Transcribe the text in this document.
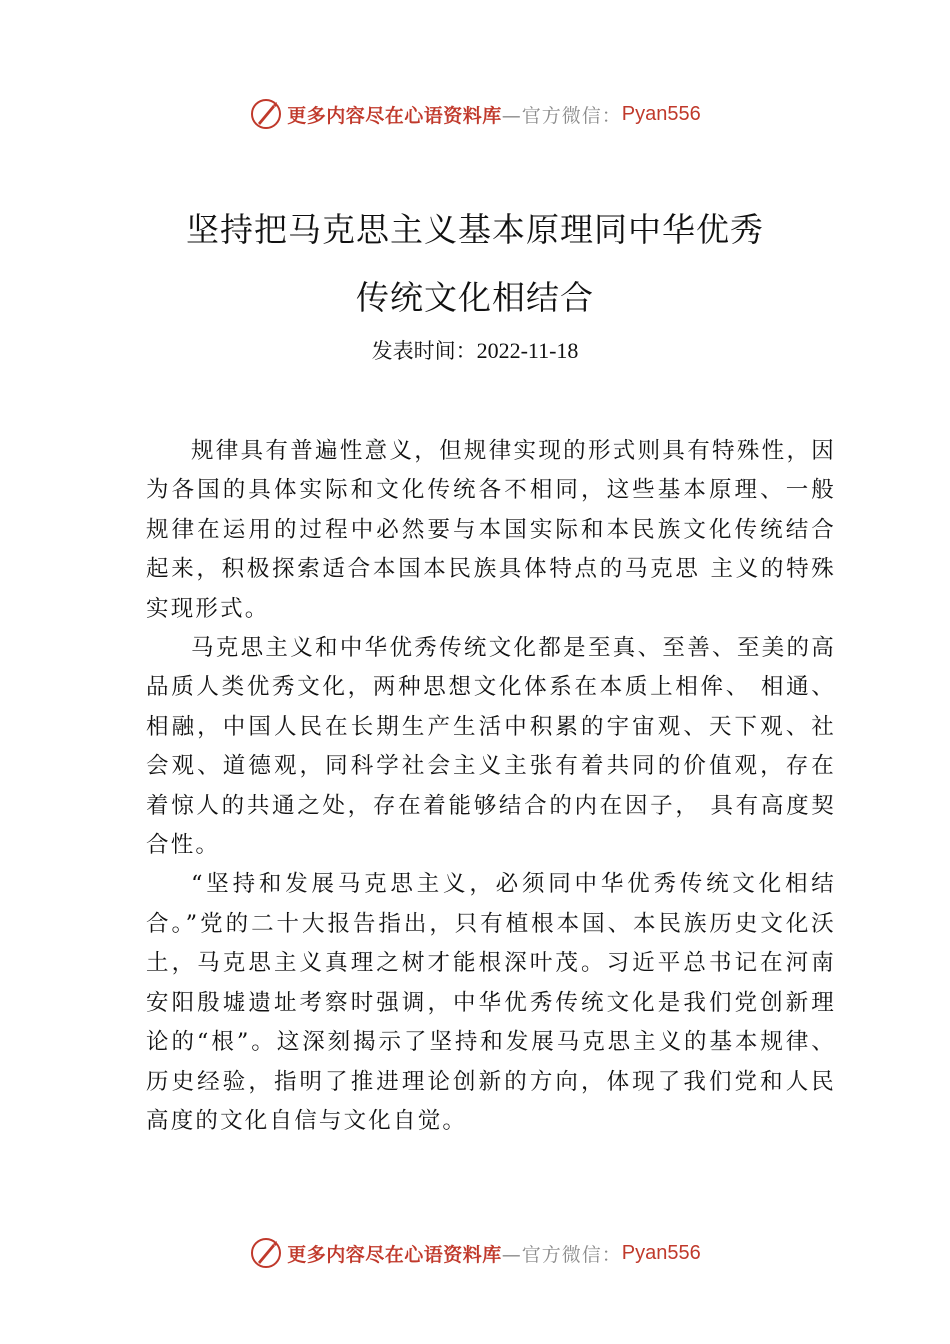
更多内容尽在心语资料库 —官方微信： Pyan556
坚持把马克思主义基本原理同中华优秀
传统文化相结合
发表时间：2022-11-18

规律具有普遍性意义，但规律实现的形式则具有特殊性，因为各国的具体实际和文化传统各不相同，这些基本原理、一般规律在运用的过程中必然要与本国实际和本民族文化传统结合起来，积极探索适合本国本民族具体特点的马克思 主义的特殊实现形式。

马克思主义和中华优秀传统文化都是至真、至善、至美的高品质人类优秀文化，两种思想文化体系在本质上相侔、 相通、相融，中国人民在长期生产生活中积累的宇宙观、天下观、社会观、道德观，同科学社会主义主张有着共同的价值观，存在着惊人的共通之处，存在着能够结合的内在因子， 具有高度契合性。

“坚持和发展马克思主义，必须同中华优秀传统文化相结合。”党的二十大报告指出，只有植根本国、本民族历史文化沃土，马克思主义真理之树才能根深叶茂。习近平总书记在河南安阳殷墟遗址考察时强调，中华优秀传统文化是我们党创新理论的“根”。这深刻揭示了坚持和发展马克思主义的基本规律、历史经验，指明了推进理论创新的方向，体现了我们党和人民高度的文化自信与文化自觉。

更多内容尽在心语资料库 —官方微信： Pyan556
